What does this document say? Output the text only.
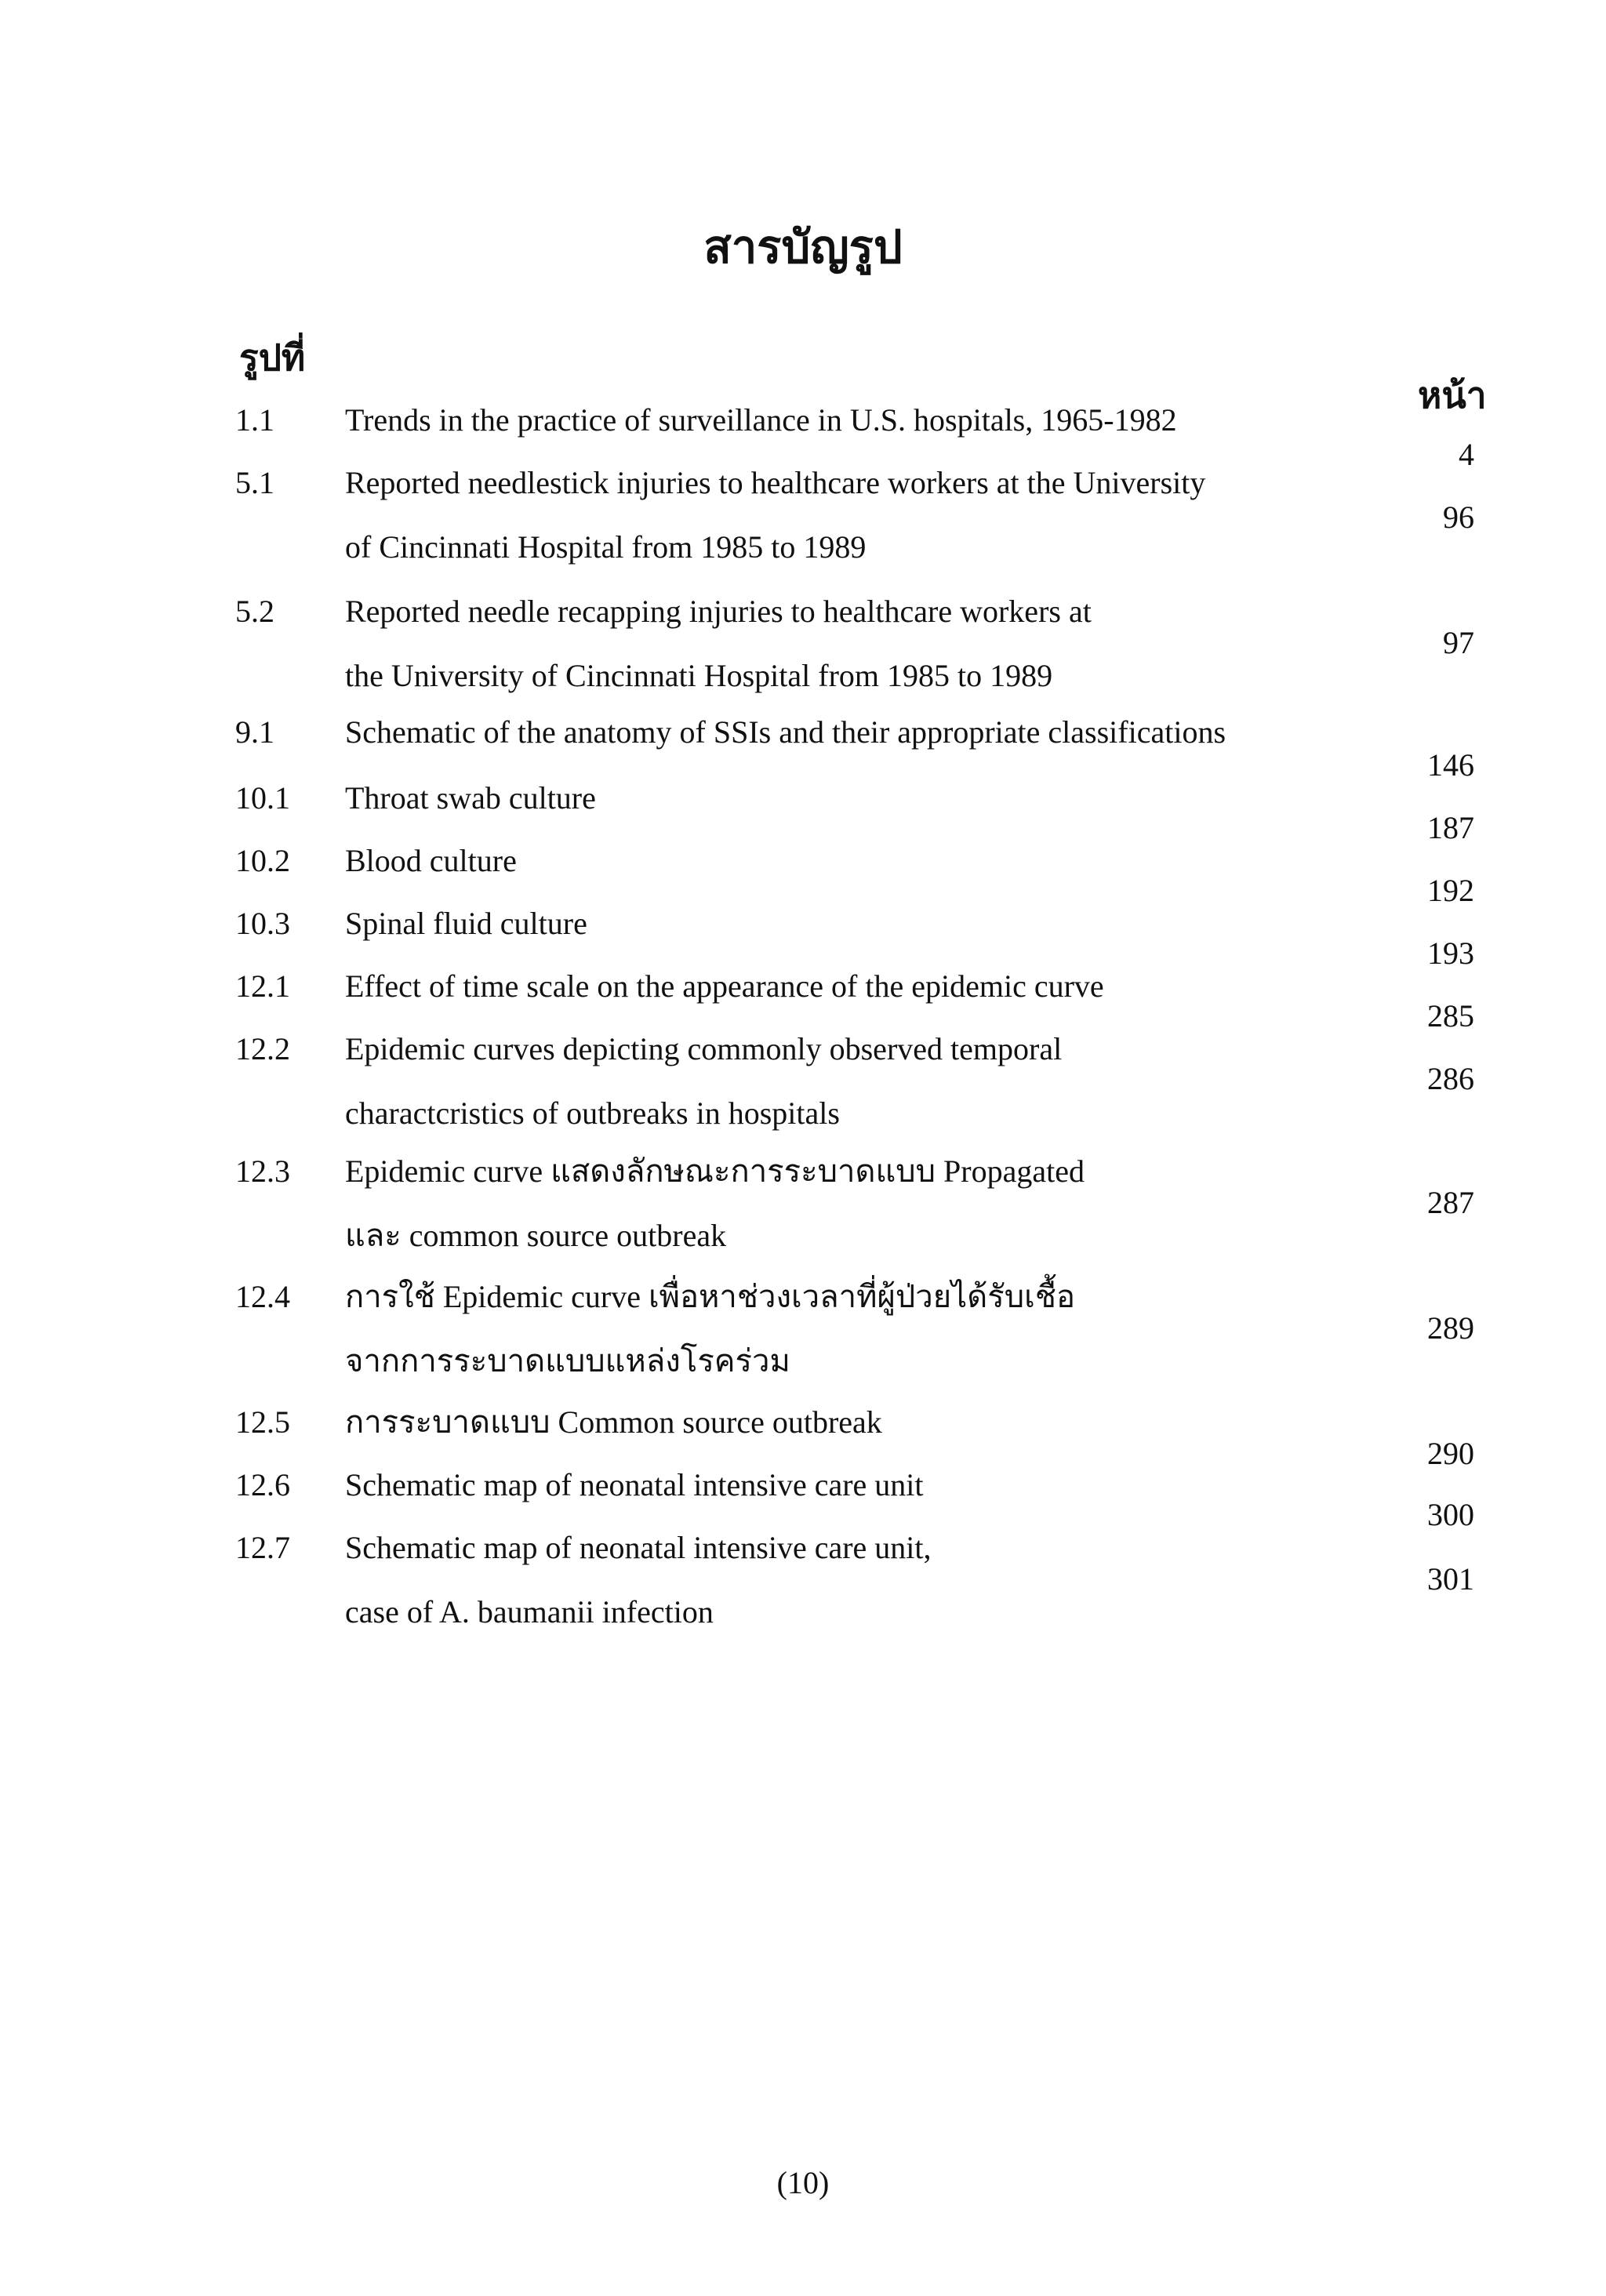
สารบัญรูป
รูปที่
หน้า
1.1 Trends in the practice of surveillance in U.S. hospitals, 1965-1982
4
5.1 Reported needlestick injuries to healthcare workers at the University
of Cincinnati Hospital from 1985 to 1989
96
5.2 Reported needle recapping injuries to healthcare workers at
the University of Cincinnati Hospital from 1985 to 1989
97
9.1 Schematic of the anatomy of SSIs and their appropriate classifications
146
10.1 Throat swab culture
187
10.2 Blood culture
192
10.3 Spinal fluid culture
193
12.1 Effect of time scale on the appearance of the epidemic curve
285
12.2 Epidemic curves depicting commonly observed temporal
charactcristics of outbreaks in hospitals
286
12.3 Epidemic curve แสดงลักษณะการระบาดแบบ Propagated
และ common source outbreak
287
12.4 การใช้ Epidemic curve เพื่อหาช่วงเวลาที่ผู้ป่วยได้รับเชื้อ
จากการระบาดแบบแหล่งโรคร่วม
289
12.5 การระบาดแบบ Common source outbreak
290
12.6 Schematic map of neonatal intensive care unit
300
12.7 Schematic map of neonatal intensive care unit,
case of A. baumanii infection
301
(10)
